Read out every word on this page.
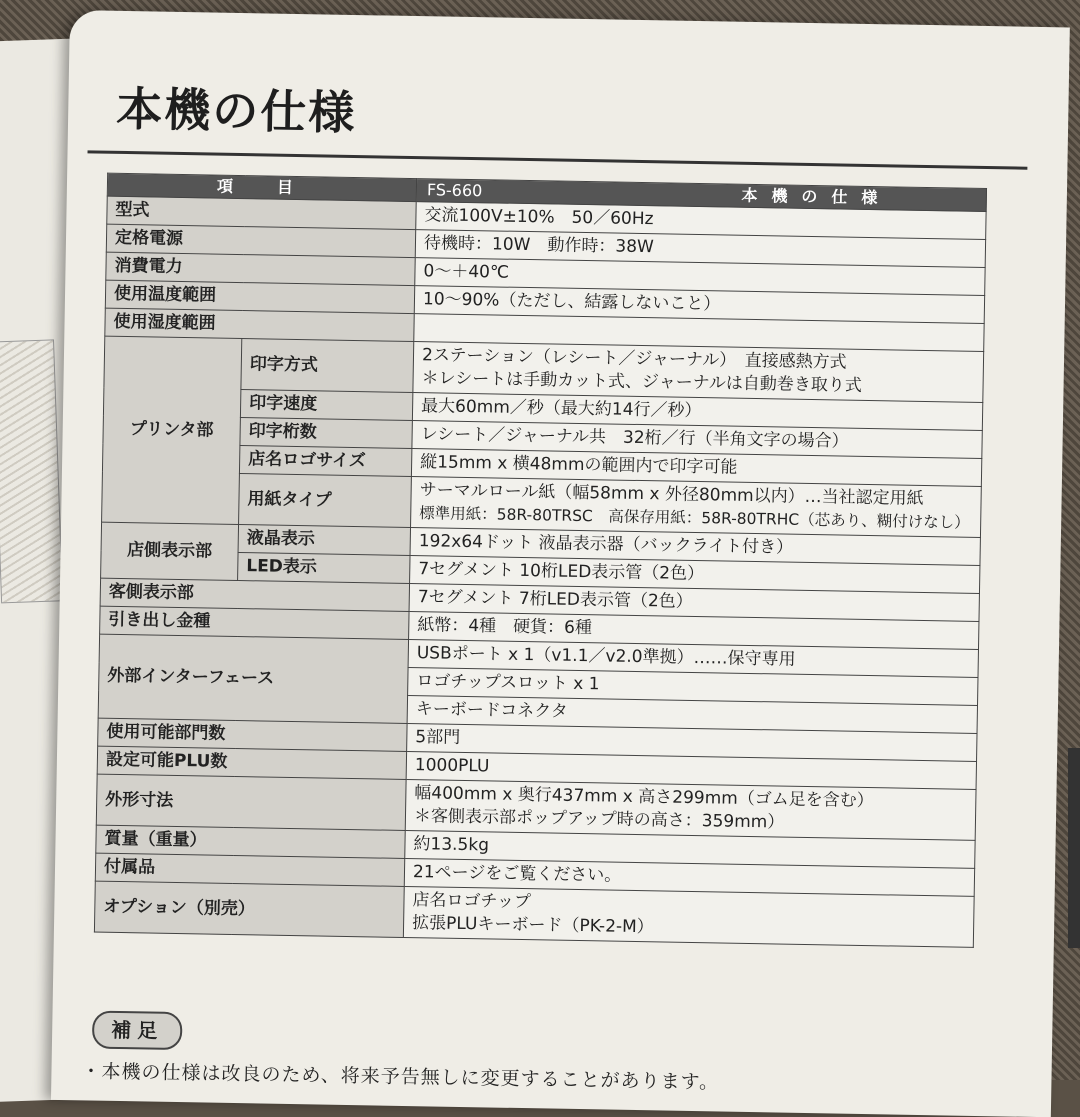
本機の仕様
項　目		FS-660 本機の仕様
型式		交流100V±10%　50／60Hz
定格電源		待機時：10W　動作時：38W
消費電力		0〜＋40℃
使用温度範囲		10〜90%（ただし、結露しないこと）
使用湿度範囲		
プリンタ部	印字方式	2ステーション（レシート／ジャーナル）　直接感熱方式
＊レシートは手動カット式、ジャーナルは自動巻き取り式

	印字速度	最大60mm／秒（最大約14行／秒）
	印字桁数	レシート／ジャーナル共　32桁／行（半角文字の場合）
	店名ロゴサイズ	縦15mm x 横48mmの範囲内で印字可能
	用紙タイプ	サーマルロール紙（幅58mm x 外径80mm以内）…当社認定用紙
標準用紙：58R-80TRSC　高保存用紙：58R-80TRHC（芯あり、糊付けなし）

店側表示部	液晶表示	192x64ドット 液晶表示器（バックライト付き）
	LED表示	7セグメント 10桁LED表示管（2色）
客側表示部		7セグメント 7桁LED表示管（2色）
引き出し金種		紙幣：4種　硬貨：6種
外部インターフェース		USBポート x 1（v1.1／v2.0準拠）……保守専用
		ロゴチップスロット x 1
		キーボードコネクタ
使用可能部門数		5部門
設定可能PLU数		1000PLU
外形寸法		幅400mm x 奥行437mm x 高さ299mm（ゴム足を含む）
＊客側表示部ポップアップ時の高さ：359mm）

質量（重量）		約13.5kg
付属品		21ページをご覧ください。
オプション（別売）		店名ロゴチップ
拡張PLUキーボード（PK-2-M）
補足
・本機の仕様は改良のため、将来予告無しに変更することがあります。
